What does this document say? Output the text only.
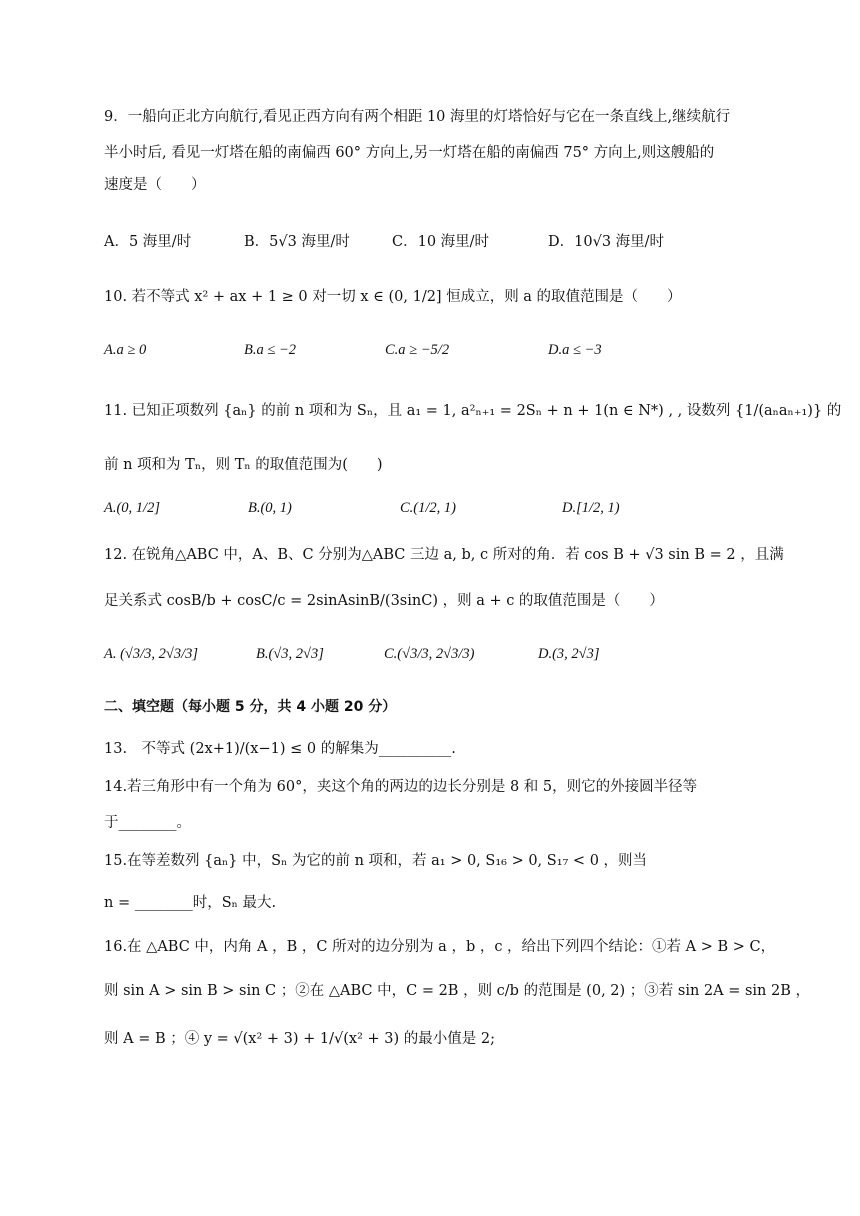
9．一船向正北方向航行,看见正西方向有两个相距 10 海里的灯塔恰好与它在一条直线上,继续航行
半小时后, 看见一灯塔在船的南偏西 60° 方向上,另一灯塔在船的南偏西 75° 方向上,则这艘船的
速度是（　　）
A．5 海里/时	B．5√3 海里/时	C．10 海里/时	D．10√3 海里/时
10. 若不等式 x² + ax + 1 ≥ 0 对一切 x ∈ (0, 1/2] 恒成立，则 a 的取值范围是（　　）
A.a ≥ 0	B.a ≤ −2	C.a ≥ −5/2	D.a ≤ −3
11. 已知正项数列 {aₙ} 的前 n 项和为 Sₙ，且 a₁ = 1, a²ₙ₊₁ = 2Sₙ + n + 1(n ∈ N*) , , 设数列 {1/(aₙaₙ₊₁)} 的
前 n 项和为 Tₙ，则 Tₙ 的取值范围为(　　)
A.(0, 1/2]	B.(0, 1)	C.(1/2, 1)	D.[1/2, 1)
12. 在锐角△ABC 中，A、B、C 分别为△ABC 三边 a, b, c 所对的角．若 cos B + √3 sin B = 2 ，且满
足关系式 cosB/b + cosC/c = 2sinAsinB/(3sinC) ，则 a + c 的取值范围是（　　）
A. (√3/3, 2√3/3]	B.(√3, 2√3]	C.(√3/3, 2√3/3)	D.(3, 2√3]
二、填空题（每小题 5 分，共 4 小题 20 分）
13.　不等式 (2x+1)/(x−1) ≤ 0 的解集为__________.
14.若三角形中有一个角为 60°，夹这个角的两边的边长分别是 8 和 5，则它的外接圆半径等
于________。
15.在等差数列 {aₙ} 中，Sₙ 为它的前 n 项和，若 a₁ > 0, S₁₆ > 0, S₁₇ < 0 ，则当
n = ________时，Sₙ 最大.
16.在 △ABC 中，内角 A ，B ，C 所对的边分别为 a ，b ，c ，给出下列四个结论：①若 A > B > C，
则 sin A > sin B > sin C ；②在 △ABC 中，C = 2B ，则 c/b 的范围是 (0, 2) ；③若 sin 2A = sin 2B ，
则 A = B ；④ y = √(x² + 3) + 1/√(x² + 3) 的最小值是 2;
